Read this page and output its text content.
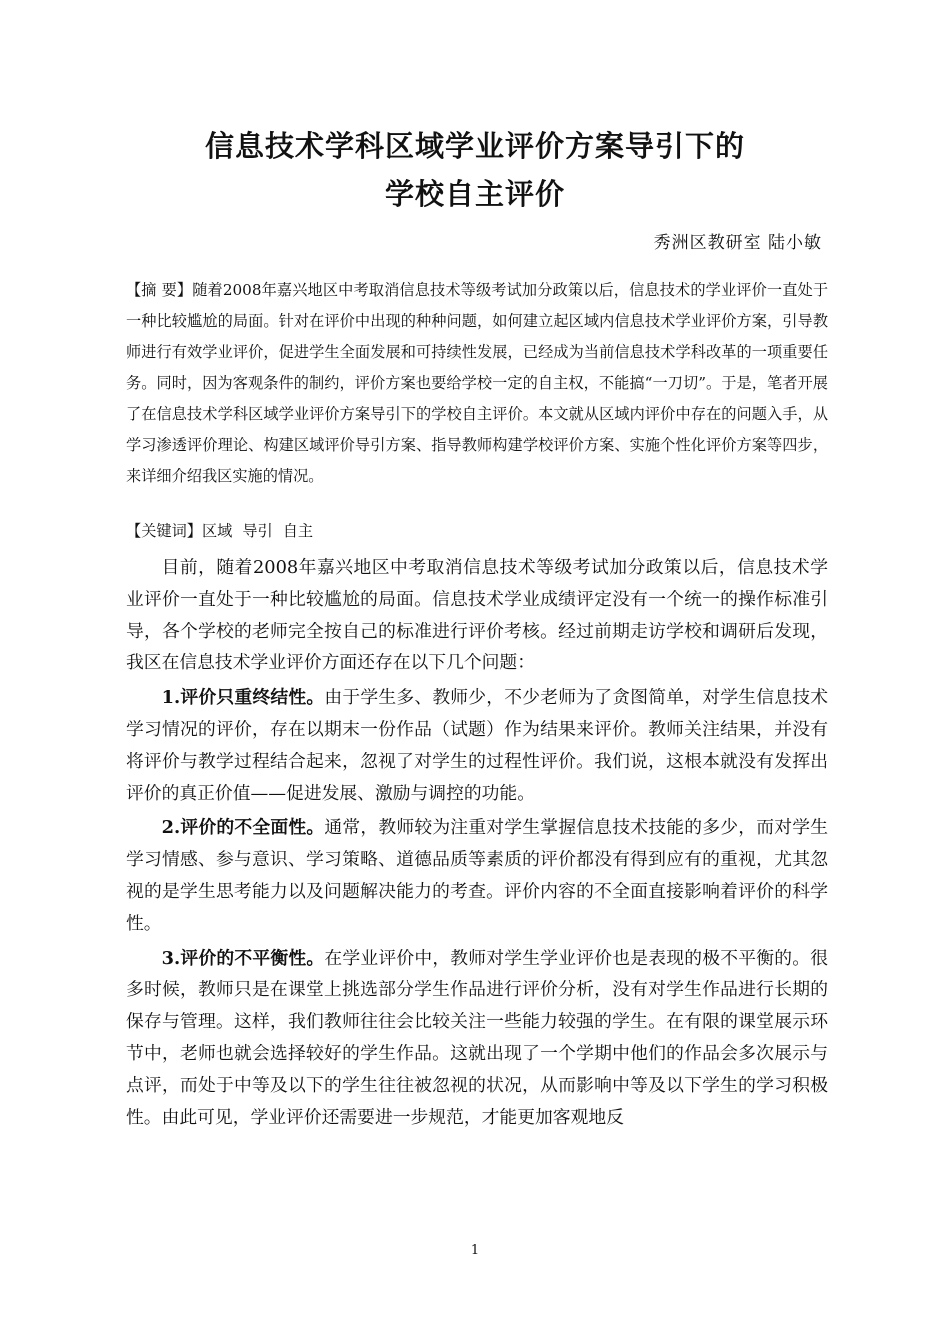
信息技术学科区域学业评价方案导引下的
学校自主评价
秀洲区教研室 陆小敏
【摘 要】随着2008年嘉兴地区中考取消信息技术等级考试加分政策以后，信息技术的学业评价一直处于一种比较尴尬的局面。针对在评价中出现的种种问题，如何建立起区域内信息技术学业评价方案，引导教师进行有效学业评价，促进学生全面发展和可持续性发展，已经成为当前信息技术学科改革的一项重要任务。同时，因为客观条件的制约，评价方案也要给学校一定的自主权，不能搞“一刀切”。于是，笔者开展了在信息技术学科区域学业评价方案导引下的学校自主评价。本文就从区域内评价中存在的问题入手，从学习渗透评价理论、构建区域评价导引方案、指导教师构建学校评价方案、实施个性化评价方案等四步，来详细介绍我区实施的情况。
【关键词】区域 导引 自主

目前，随着2008年嘉兴地区中考取消信息技术等级考试加分政策以后，信息技术学业评价一直处于一种比较尴尬的局面。信息技术学业成绩评定没有一个统一的操作标准引导，各个学校的老师完全按自己的标准进行评价考核。经过前期走访学校和调研后发现，我区在信息技术学业评价方面还存在以下几个问题：

1.评价只重终结性。由于学生多、教师少，不少老师为了贪图简单，对学生信息技术学习情况的评价，存在以期末一份作品（试题）作为结果来评价。教师关注结果，并没有将评价与教学过程结合起来，忽视了对学生的过程性评价。我们说，这根本就没有发挥出评价的真正价值——促进发展、激励与调控的功能。

2.评价的不全面性。通常，教师较为注重对学生掌握信息技术技能的多少，而对学生学习情感、参与意识、学习策略、道德品质等素质的评价都没有得到应有的重视，尤其忽视的是学生思考能力以及问题解决能力的考查。评价内容的不全面直接影响着评价的科学性。

3.评价的不平衡性。在学业评价中，教师对学生学业评价也是表现的极不平衡的。很多时候，教师只是在课堂上挑选部分学生作品进行评价分析，没有对学生作品进行长期的保存与管理。这样，我们教师往往会比较关注一些能力较强的学生。在有限的课堂展示环节中，老师也就会选择较好的学生作品。这就出现了一个学期中他们的作品会多次展示与点评，而处于中等及以下的学生往往被忽视的状况，从而影响中等及以下学生的学习积极性。由此可见，学业评价还需要进一步规范，才能更加客观地反

1
